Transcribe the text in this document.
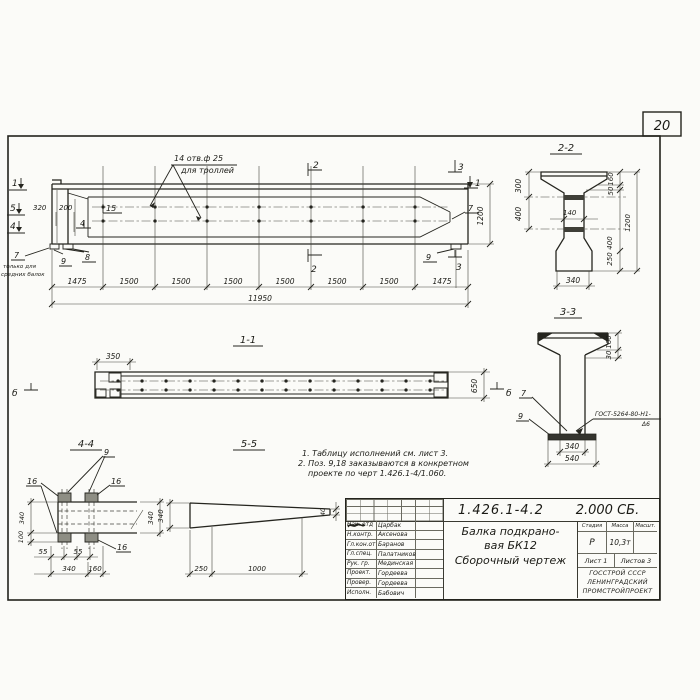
20
14 отв.ф 25
для троллей
1
5
4
320 200	15
4
7
только для
средних балок
9 8
2
2
3
3
1
7
9
1200
1475	1500	1500	1500	1500	1500	1500	1475
11950
2-2
300
400
160
50
140
400
250
1200
340
3-3
7
9	ГОСТ-5264-80-Н1-
Δ6
160
30
340
540
1-1
350
650
б	б
4-4
9
16	16
16
340
100
340
55	55
340 160
5-5
340	40
250	1000
1. Таблицу исполнений см. лист 3.
2. Поз. 9,18 заказываются в конкретном
проекте по черт 1.426.1-4/1.060.
1.426.1-4.2	2.000 СБ.
Нач. отд Царбак
Н.контр. Аксенова
Гл.кон.от Баранов
Гл.спец. Палатников
Рук. гр.	Мединская
Проект.	Гордеева
Провер.	Гордеева
Исполн.	Бабович
Балка подкрано-
вая БК12
Сборочный чертеж
Стадия	Масса	Масшт.
Р	10,3т
Лист 1	Листов 3
ГОССТРОЙ СССР
ЛЕНИНГРАДСКИЙ
ПРОМСТРОЙПРОЕКТ
